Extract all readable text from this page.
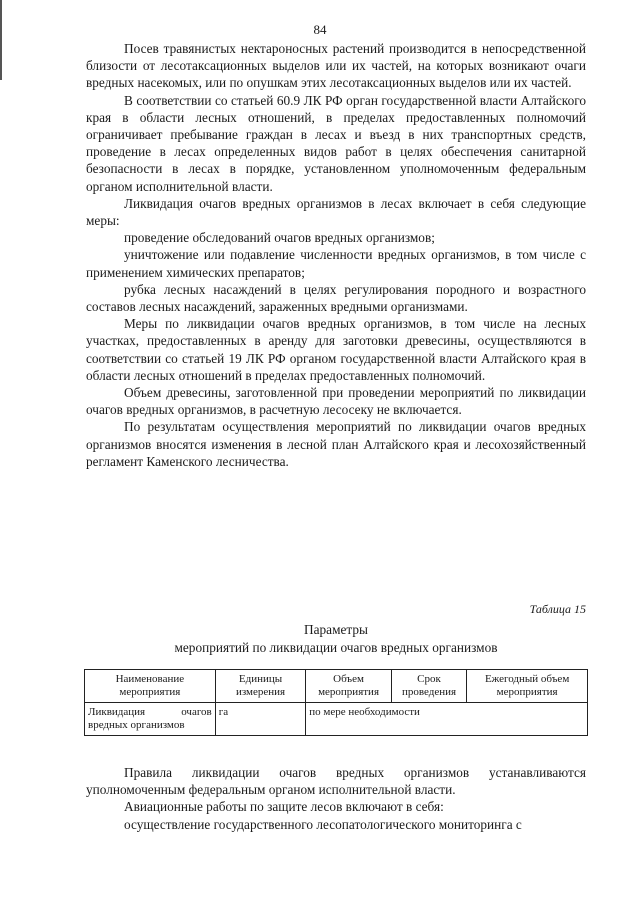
84

Посев травянистых нектароносных растений производится в непосредственной близости от лесотаксационных выделов или их частей, на которых возникают очаги вредных насекомых, или по опушкам этих лесотаксационных выделов или их частей.

В соответствии со статьей 60.9 ЛК РФ орган государственной власти Алтайского края в области лесных отношений, в пределах предоставленных полномочий ограничивает пребывание граждан в лесах и въезд в них транспортных средств, проведение в лесах определенных видов работ в целях обеспечения санитарной безопасности в лесах в порядке, установленном уполномоченным федеральным органом исполнительной власти.

Ликвидация очагов вредных организмов в лесах включает в себя следующие меры:

проведение обследований очагов вредных организмов;

уничтожение или подавление численности вредных организмов, в том числе с применением химических препаратов;

рубка лесных насаждений в целях регулирования породного и возрастного составов лесных насаждений, зараженных вредными организмами.

Меры по ликвидации очагов вредных организмов, в том числе на лесных участках, предоставленных в аренду для заготовки древесины, осуществляются в соответствии со статьей 19 ЛК РФ органом государственной власти Алтайского края в области лесных отношений в пределах предоставленных полномочий.

Объем древесины, заготовленной при проведении мероприятий по ликвидации очагов вредных организмов, в расчетную лесосеку не включается.

По результатам осуществления мероприятий по ликвидации очагов вредных организмов вносятся изменения в лесной план Алтайского края и лесохозяйственный регламент Каменского лесничества.

Таблица 15
Параметры
мероприятий по ликвидации очагов вредных организмов
Наименование мероприятия	Единицы измерения	Объем мероприятия	Срок проведения	Ежегодный объем мероприятия
Ликвидация очагов вредных организмов	га	по мере необходимости		

Правила ликвидации очагов вредных организмов устанавливаются уполномоченным федеральным органом исполнительной власти.

Авиационные работы по защите лесов включают в себя:

осуществление государственного лесопатологического мониторинга с
